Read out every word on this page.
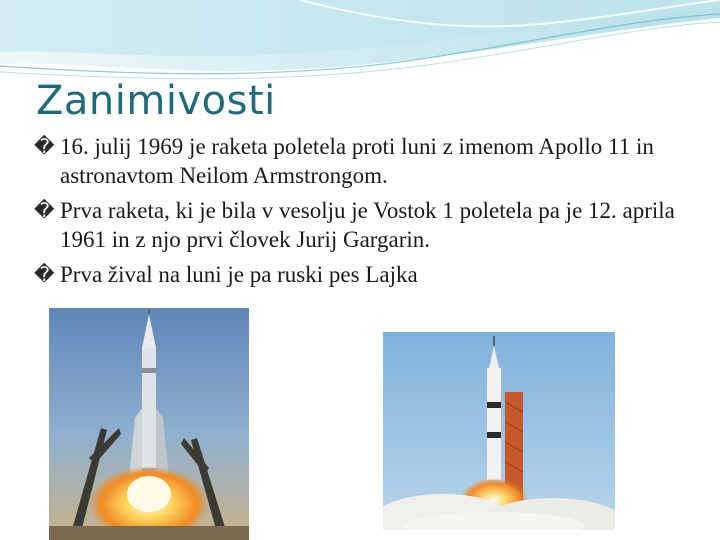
Zanimivosti
� 16. julij 1969 je raketa poletela proti luni z imenom Apollo 11 in astronavtom Neilom Armstrongom.
� Prva raketa, ki je bila v vesolju je Vostok 1 poletela pa je 12. aprila 1961 in z njo prvi človek Jurij Gargarin.
� Prva žival na luni je pa ruski pes Lajka
